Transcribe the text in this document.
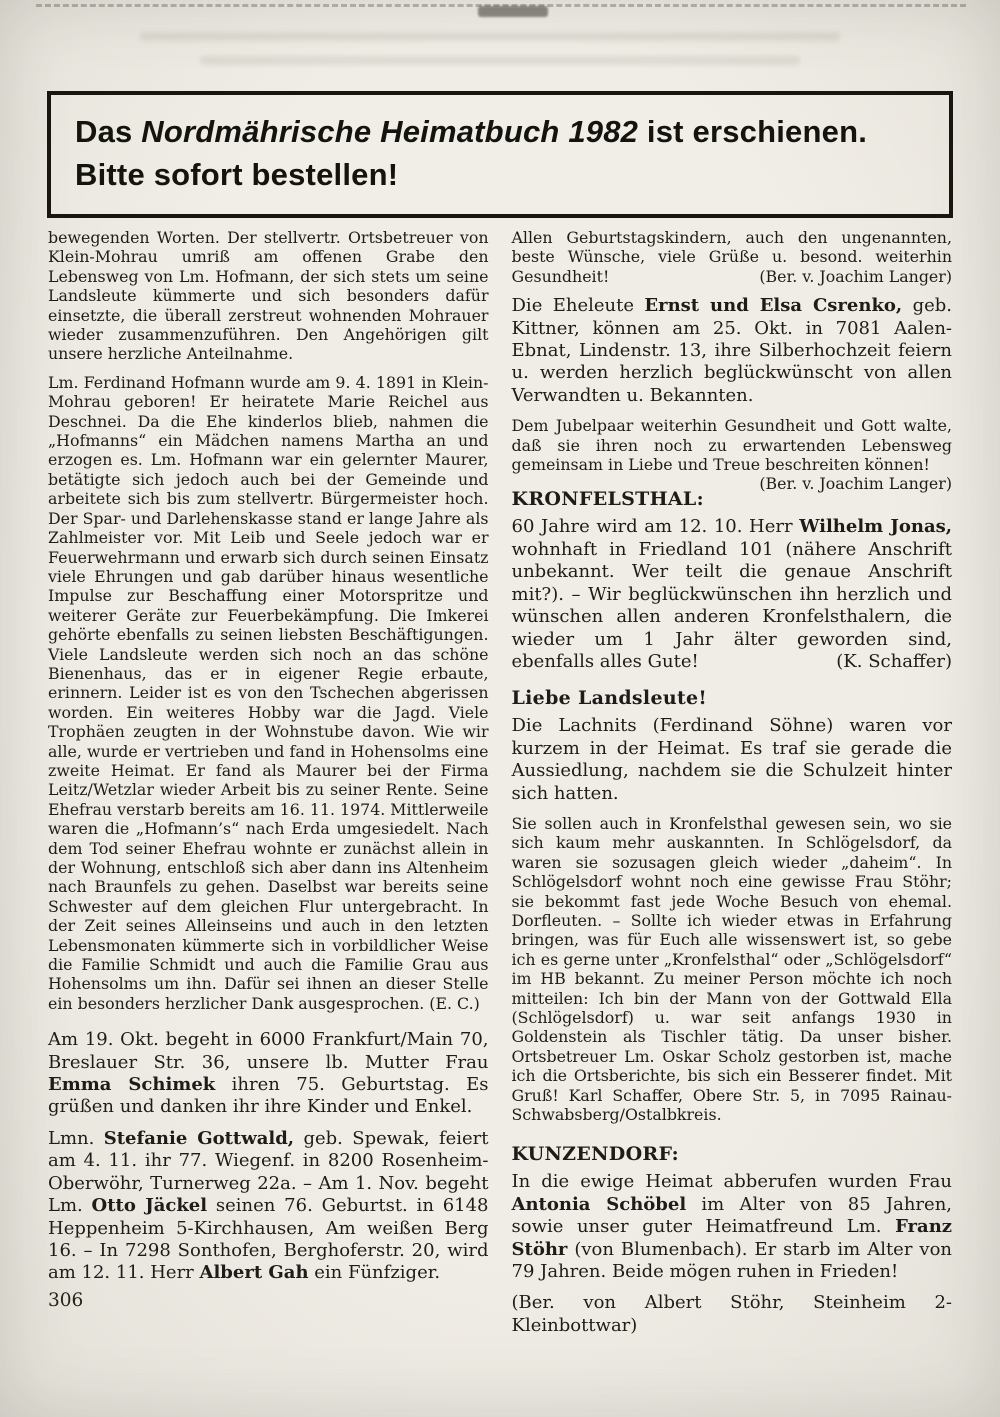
Das Nordmährische Heimatbuch 1982 ist erschienen.
Bitte sofort bestellen!

bewegenden Worten. Der stellvertr. Ortsbetreuer von Klein-Mohrau umriß am offenen Grabe den Lebensweg von Lm. Hofmann, der sich stets um seine Landsleute kümmerte und sich besonders dafür einsetzte, die überall zerstreut wohnenden Mohrauer wieder zusammenzuführen. Den Angehörigen gilt unsere herzliche Anteilnahme.

Lm. Ferdinand Hofmann wurde am 9. 4. 1891 in Klein-Mohrau geboren! Er heiratete Marie Reichel aus Deschnei. Da die Ehe kinderlos blieb, nahmen die „Hofmanns“ ein Mädchen namens Martha an und erzogen es. Lm. Hofmann war ein gelernter Maurer, betätigte sich jedoch auch bei der Gemeinde und arbeitete sich bis zum stellvertr. Bürgermeister hoch. Der Spar- und Darlehenskasse stand er lange Jahre als Zahlmeister vor. Mit Leib und Seele jedoch war er Feuerwehrmann und erwarb sich durch seinen Einsatz viele Ehrungen und gab darüber hinaus wesentliche Impulse zur Beschaffung einer Motorspritze und weiterer Geräte zur Feuerbekämpfung. Die Imkerei gehörte ebenfalls zu seinen liebsten Beschäftigungen. Viele Landsleute werden sich noch an das schöne Bienenhaus, das er in eigener Regie erbaute, erinnern. Leider ist es von den Tschechen abgerissen worden. Ein weiteres Hobby war die Jagd. Viele Trophäen zeugten in der Wohnstube davon. Wie wir alle, wurde er vertrieben und fand in Hohensolms eine zweite Heimat. Er fand als Maurer bei der Firma Leitz/Wetzlar wieder Arbeit bis zu seiner Rente. Seine Ehefrau verstarb bereits am 16. 11. 1974. Mittlerweile waren die „Hofmann’s“ nach Erda umgesiedelt. Nach dem Tod seiner Ehefrau wohnte er zunächst allein in der Wohnung, entschloß sich aber dann ins Altenheim nach Braunfels zu gehen. Daselbst war bereits seine Schwester auf dem gleichen Flur untergebracht. In der Zeit seines Alleinseins und auch in den letzten Lebensmonaten kümmerte sich in vorbildlicher Weise die Familie Schmidt und auch die Familie Grau aus Hohensolms um ihn. Dafür sei ihnen an dieser Stelle ein besonders herzlicher Dank ausgesprochen. (E. C.)

Am 19. Okt. begeht in 6000 Frankfurt/Main 70, Breslauer Str. 36, unsere lb. Mutter Frau Emma Schimek ihren 75. Geburtstag. Es grüßen und danken ihr ihre Kinder und Enkel.

Lmn. Stefanie Gottwald, geb. Spewak, feiert am 4. 11. ihr 77. Wiegenf. in 8200 Rosenheim-Oberwöhr, Turnerweg 22a. – Am 1. Nov. begeht Lm. Otto Jäckel seinen 76. Geburtst. in 6148 Heppenheim 5-Kirchhausen, Am weißen Berg 16. – In 7298 Sonthofen, Berghoferstr. 20, wird am 12. 11. Herr Albert Gah ein Fünfziger.

Allen Geburtstagskindern, auch den ungenannten, beste Wünsche, viele Grüße u. besond. weiterhin Gesundheit!	(Ber. v. Joachim Langer)

Die Eheleute Ernst und Elsa Csrenko, geb. Kittner, können am 25. Okt. in 7081 Aalen-Ebnat, Lindenstr. 13, ihre Silberhochzeit feiern u. werden herzlich beglückwünscht von allen Verwandten u. Bekannten.

Dem Jubelpaar weiterhin Gesundheit und Gott walte, daß sie ihren noch zu erwartenden Lebensweg gemeinsam in Liebe und Treue beschreiten können!
(Ber. v. Joachim Langer)

KRONFELSTHAL:

60 Jahre wird am 12. 10. Herr Wilhelm Jonas, wohnhaft in Friedland 101 (nähere Anschrift unbekannt. Wer teilt die genaue Anschrift mit?). – Wir beglückwünschen ihn herzlich und wünschen allen anderen Kronfelsthalern, die wieder um 1 Jahr älter geworden sind, ebenfalls alles Gute!	(K. Schaffer)

Liebe Landsleute!

Die Lachnits (Ferdinand Söhne) waren vor kurzem in der Heimat. Es traf sie gerade die Aussiedlung, nachdem sie die Schulzeit hinter sich hatten.

Sie sollen auch in Kronfelsthal gewesen sein, wo sie sich kaum mehr auskannten. In Schlögelsdorf, da waren sie sozusagen gleich wieder „daheim“. In Schlögelsdorf wohnt noch eine gewisse Frau Stöhr; sie bekommt fast jede Woche Besuch von ehemal. Dorfleuten. – Sollte ich wieder etwas in Erfahrung bringen, was für Euch alle wissenswert ist, so gebe ich es gerne unter „Kronfelsthal“ oder „Schlögelsdorf“ im HB bekannt. Zu meiner Person möchte ich noch mitteilen: Ich bin der Mann von der Gottwald Ella (Schlögelsdorf) u. war seit anfangs 1930 in Goldenstein als Tischler tätig. Da unser bisher. Ortsbetreuer Lm. Oskar Scholz gestorben ist, mache ich die Ortsberichte, bis sich ein Besserer findet. Mit Gruß! Karl Schaffer, Obere Str. 5, in 7095 Rainau-Schwabsberg/Ostalbkreis.

KUNZENDORF:

In die ewige Heimat abberufen wurden Frau Antonia Schöbel im Alter von 85 Jahren, sowie unser guter Heimatfreund Lm. Franz Stöhr (von Blumenbach). Er starb im Alter von 79 Jahren. Beide mögen ruhen in Frieden!

(Ber. von Albert Stöhr, Steinheim 2-Kleinbottwar)

306
